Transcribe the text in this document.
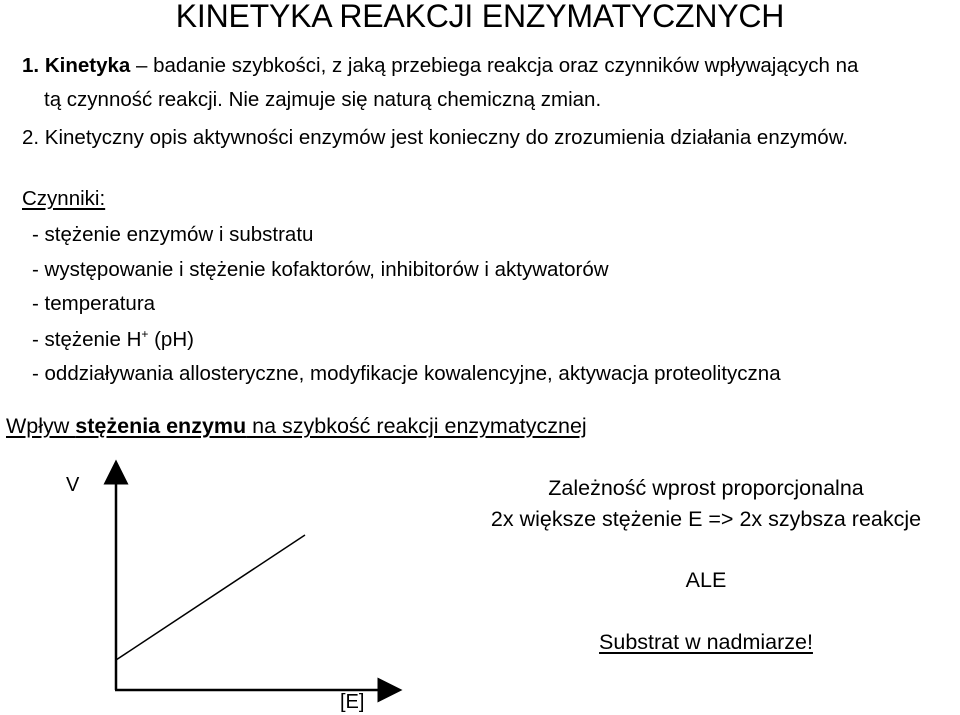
KINETYKA REAKCJI ENZYMATYCZNYCH
1. Kinetyka – badanie szybkości, z jaką przebiega reakcja oraz czynników wpływających na
tą czynność reakcji. Nie zajmuje się naturą chemiczną zmian.
2. Kinetyczny opis aktywności enzymów jest konieczny do zrozumienia działania enzymów.
Czynniki:
- stężenie enzymów i substratu
- występowanie i stężenie kofaktorów, inhibitorów i aktywatorów
- temperatura
- stężenie H+ (pH)
- oddziaływania allosteryczne, modyfikacje kowalencyjne, aktywacja proteolityczna
Wpływ stężenia enzymu na szybkość reakcji enzymatycznej
V
[E]
Zależność wprost proporcjonalna
2x większe stężenie E => 2x szybsza reakcje
ALE
Substrat w nadmiarze!
